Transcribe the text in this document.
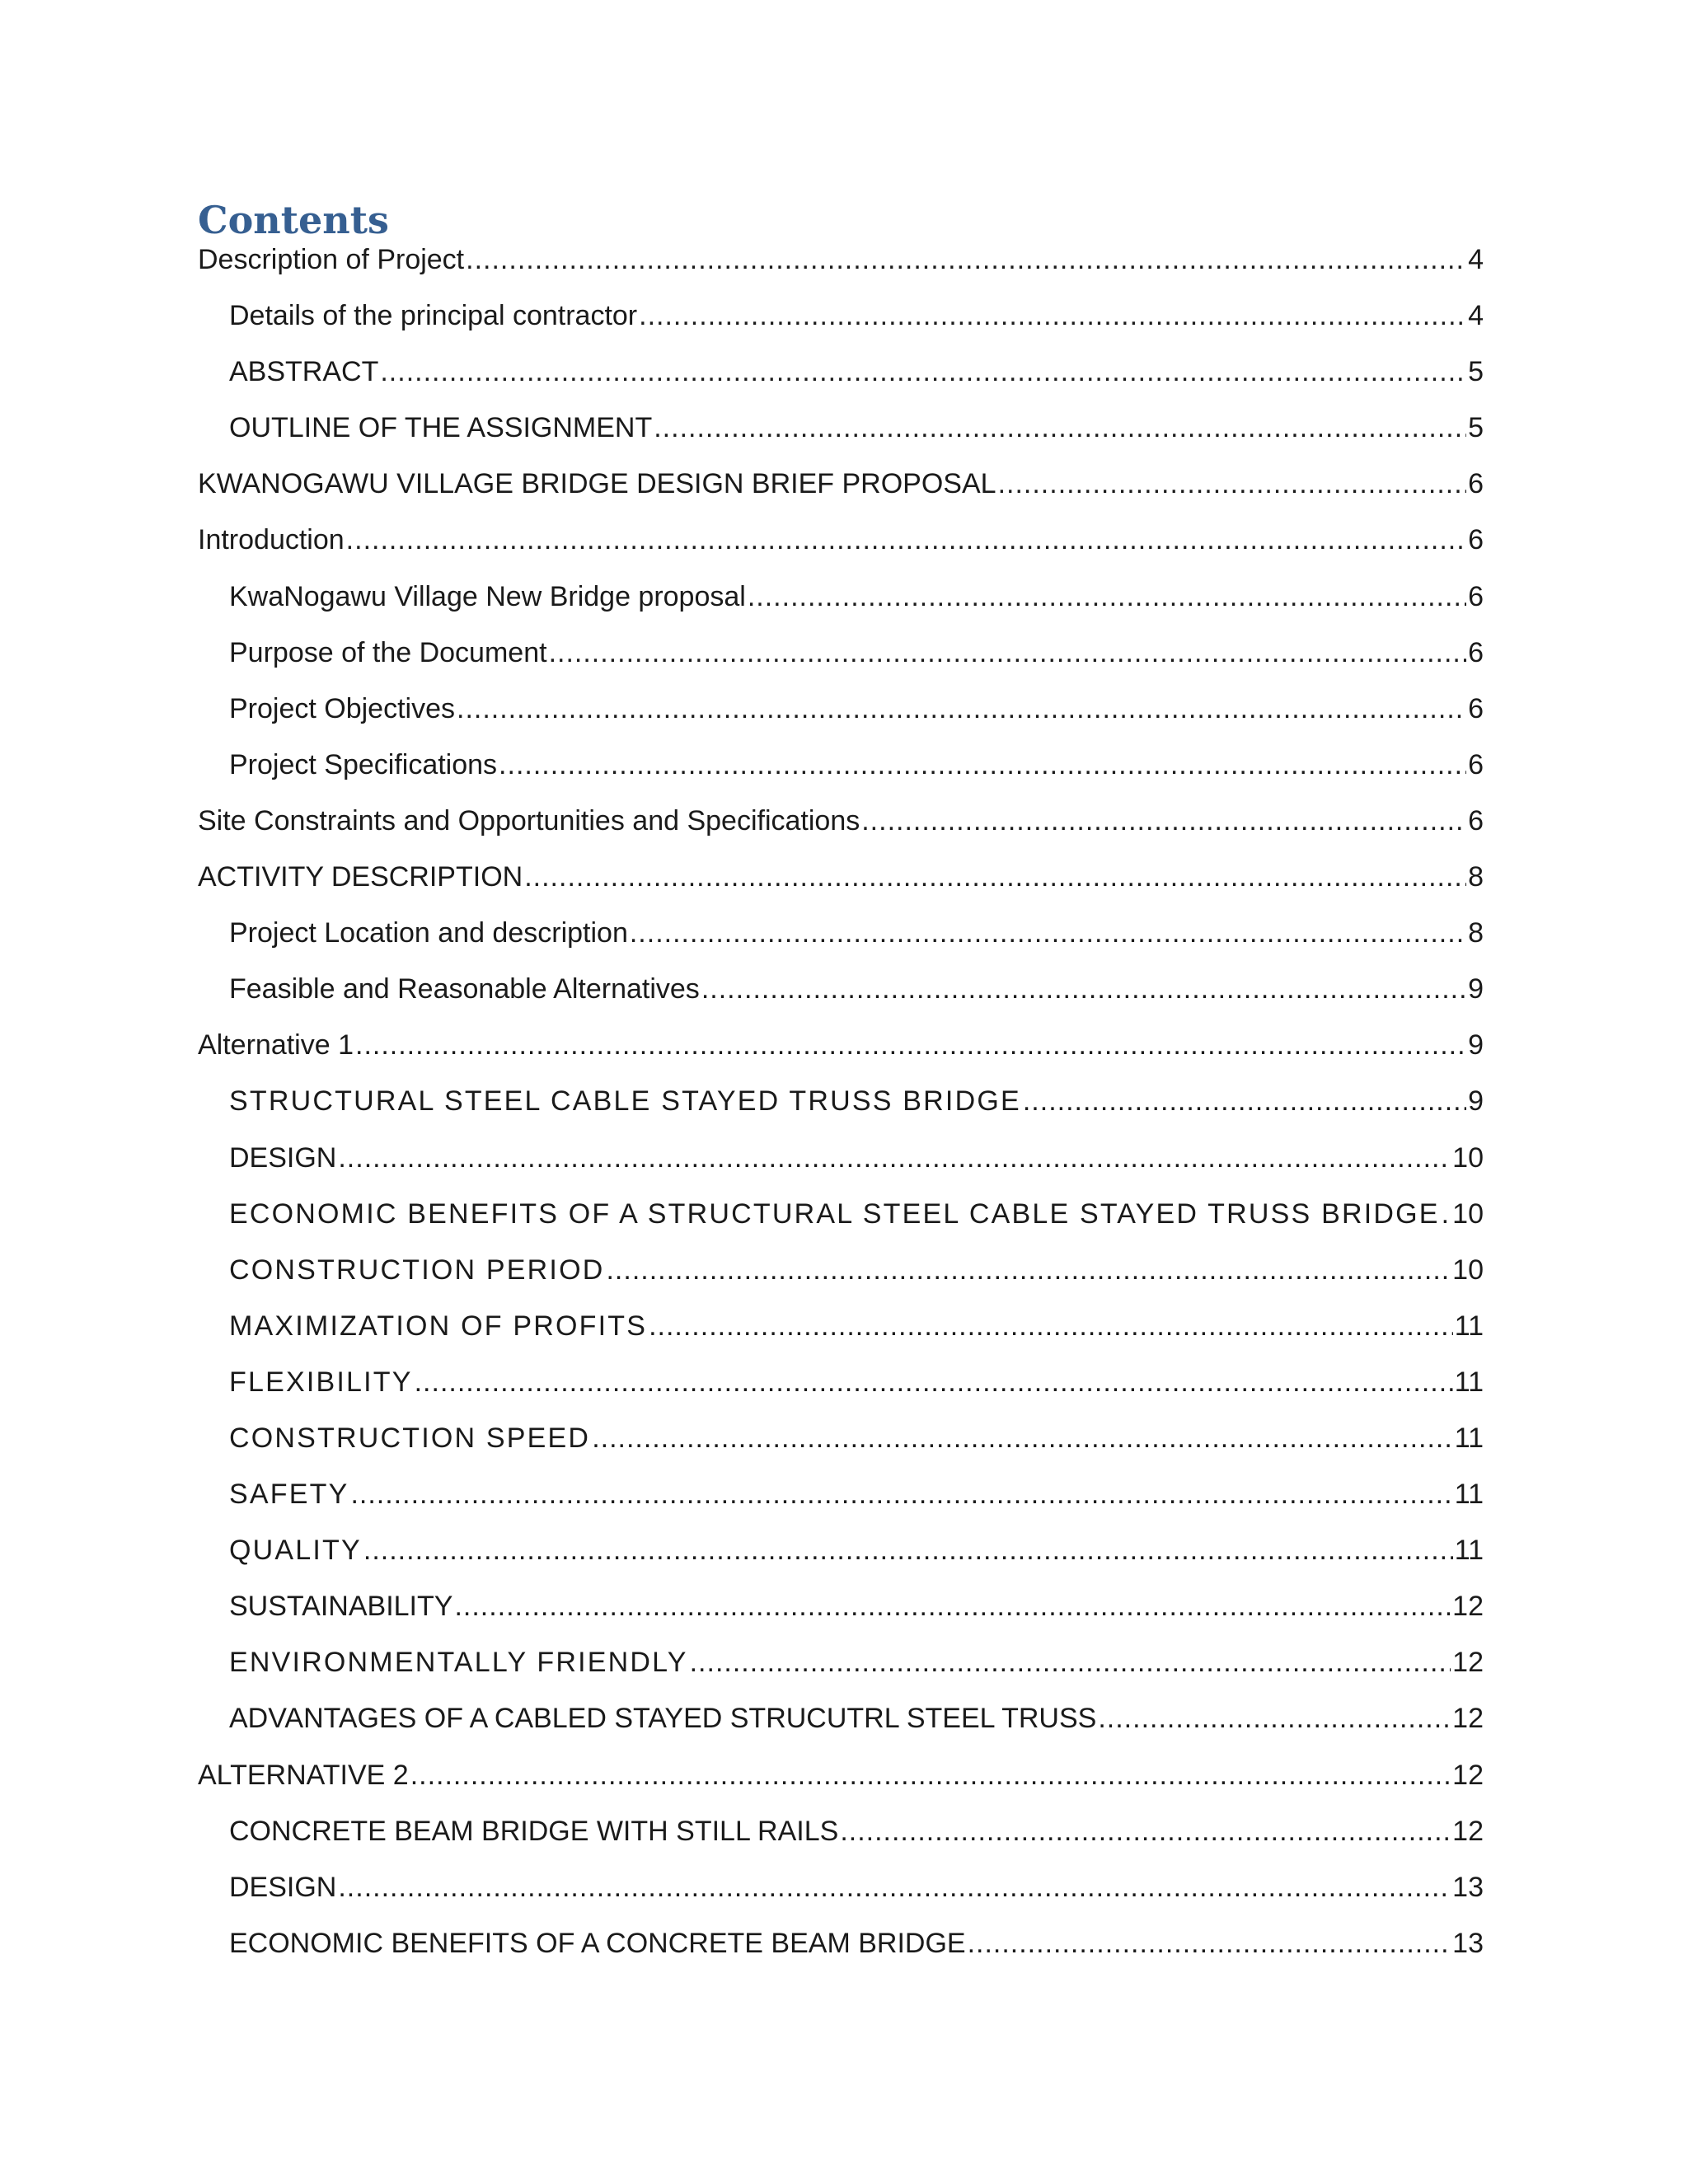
Contents
Description of Project .....	4
Details of the principal contractor .....	4
ABSTRACT .....	5
OUTLINE OF THE ASSIGNMENT .....	5
KWANOGAWU VILLAGE BRIDGE DESIGN BRIEF PROPOSAL .....	6
Introduction .....	6
KwaNogawu Village New Bridge proposal .....	6
Purpose of the Document .....	6
Project Objectives .....	6
Project Specifications .....	6
Site Constraints and Opportunities and Specifications .....	6
ACTIVITY DESCRIPTION .....	8
Project Location and description .....	8
Feasible and Reasonable Alternatives .....	9
Alternative 1 .....	9
STRUCTURAL STEEL CABLE STAYED TRUSS BRIDGE .....	9
DESIGN .....	10
ECONOMIC BENEFITS OF A STRUCTURAL STEEL CABLE STAYED TRUSS BRIDGE ..... 10
CONSTRUCTION PERIOD .....	10
MAXIMIZATION OF PROFITS .....	11
FLEXIBILITY .....	11
CONSTRUCTION SPEED .....	11
SAFETY .....	11
QUALITY .....	11
SUSTAINABILITY .....	12
ENVIRONMENTALLY FRIENDLY .....	12
ADVANTAGES OF A CABLED STAYED STRUCUTRL STEEL TRUSS .....	12
ALTERNATIVE 2 .....	12
CONCRETE BEAM BRIDGE WITH STILL RAILS .....	12
DESIGN .....	13
ECONOMIC BENEFITS OF A CONCRETE BEAM BRIDGE .....	13
